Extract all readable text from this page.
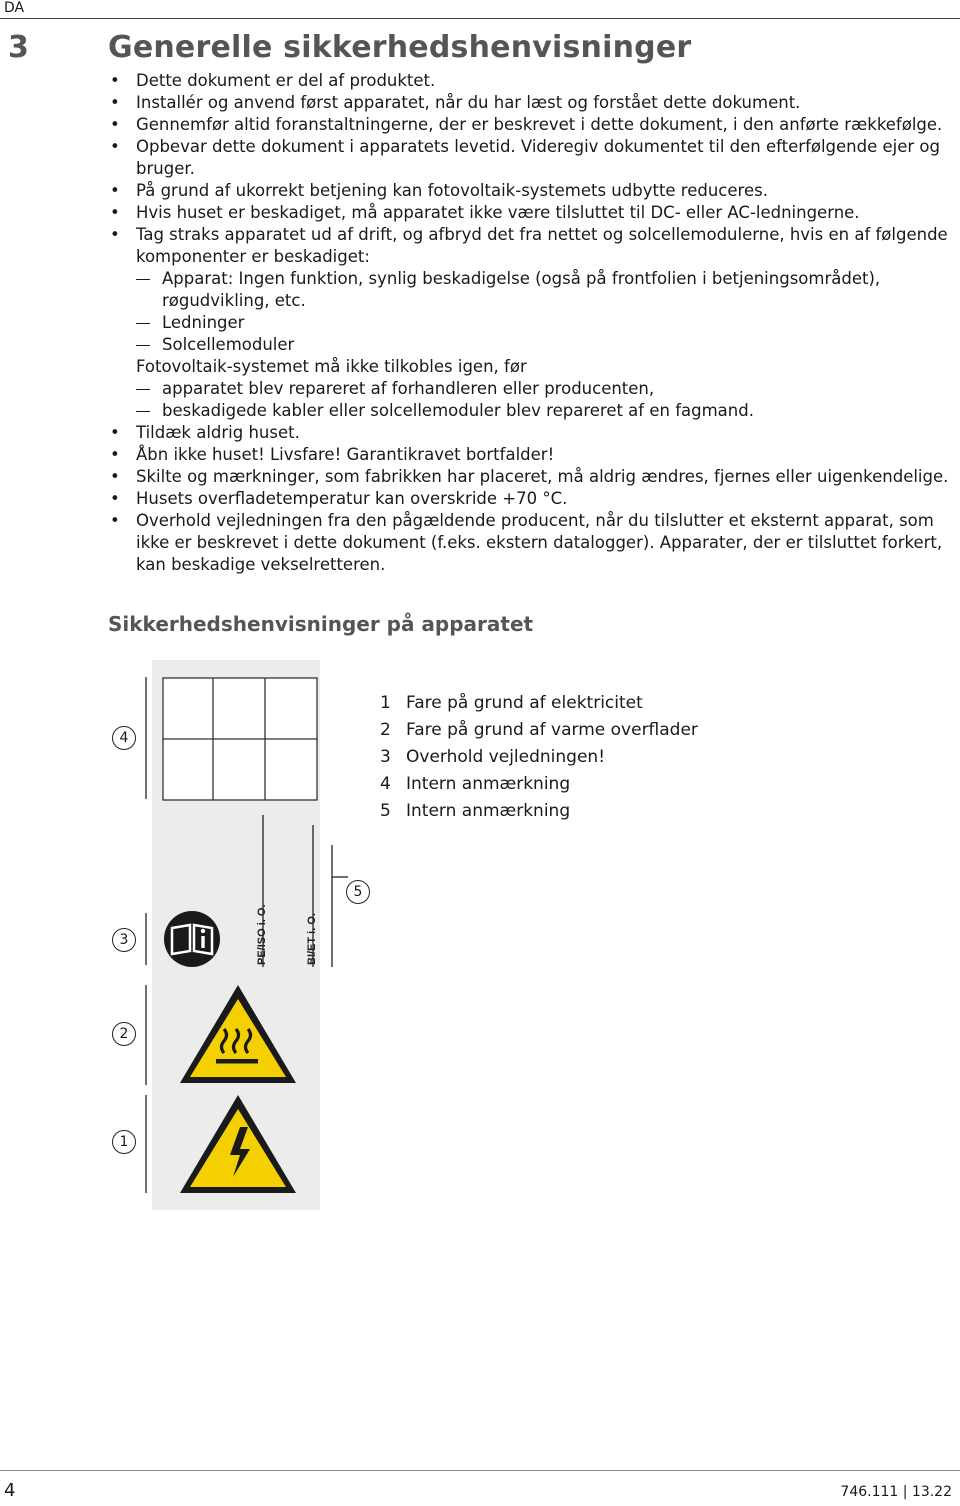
DA
3	Generelle sikkerhedshenvisninger
• Dette dokument er del af produktet.
• Installér og anvend først apparatet, når du har læst og forstået dette dokument.
• Gennemfør altid foranstaltningerne, der er beskrevet i dette dokument, i den anførte rækkefølge.
• Opbevar dette dokument i apparatets levetid. Videregiv dokumentet til den efterfølgende ejer og bruger.
• På grund af ukorrekt betjening kan fotovoltaik-systemets udbytte reduceres.
• Hvis huset er beskadiget, må apparatet ikke være tilsluttet til DC- eller AC-ledningerne.
• Tag straks apparatet ud af drift, og afbryd det fra nettet og solcellemodulerne, hvis en af følgende komponenter er beskadiget:
Apparat: Ingen funktion, synlig beskadigelse (også på frontfolien i betjeningsområdet), røgudvikling, etc.
Ledninger
Solcellemoduler
Fotovoltaik-systemet må ikke tilkobles igen, før
apparatet blev repareret af forhandleren eller producenten,
beskadigede kabler eller solcellemoduler blev repareret af en fagmand.
• Tildæk aldrig huset.
• Åbn ikke huset! Livsfare! Garantikravet bortfalder!
• Skilte og mærkninger, som fabrikken har placeret, må aldrig ændres, fjernes eller uigenkendelige.
• Husets overfladetemperatur kan overskride +70 °C.
• Overhold vejledningen fra den pågældende producent, når du tilslutter et eksternt apparat, som ikke er beskrevet i dette dokument (f.eks. ekstern datalogger). Apparater, der er tilsluttet forkert, kan beskadige vekselretteren.
Sikkerhedshenvisninger på apparatet
PE/ISO i. O.	BI/ET i. O.
4
5
3
2
1
1 Fare på grund af elektricitet
2 Fare på grund af varme overflader
3 Overhold vejledningen!
4 Intern anmærkning
5 Intern anmærkning
4	746.111 | 13.22
